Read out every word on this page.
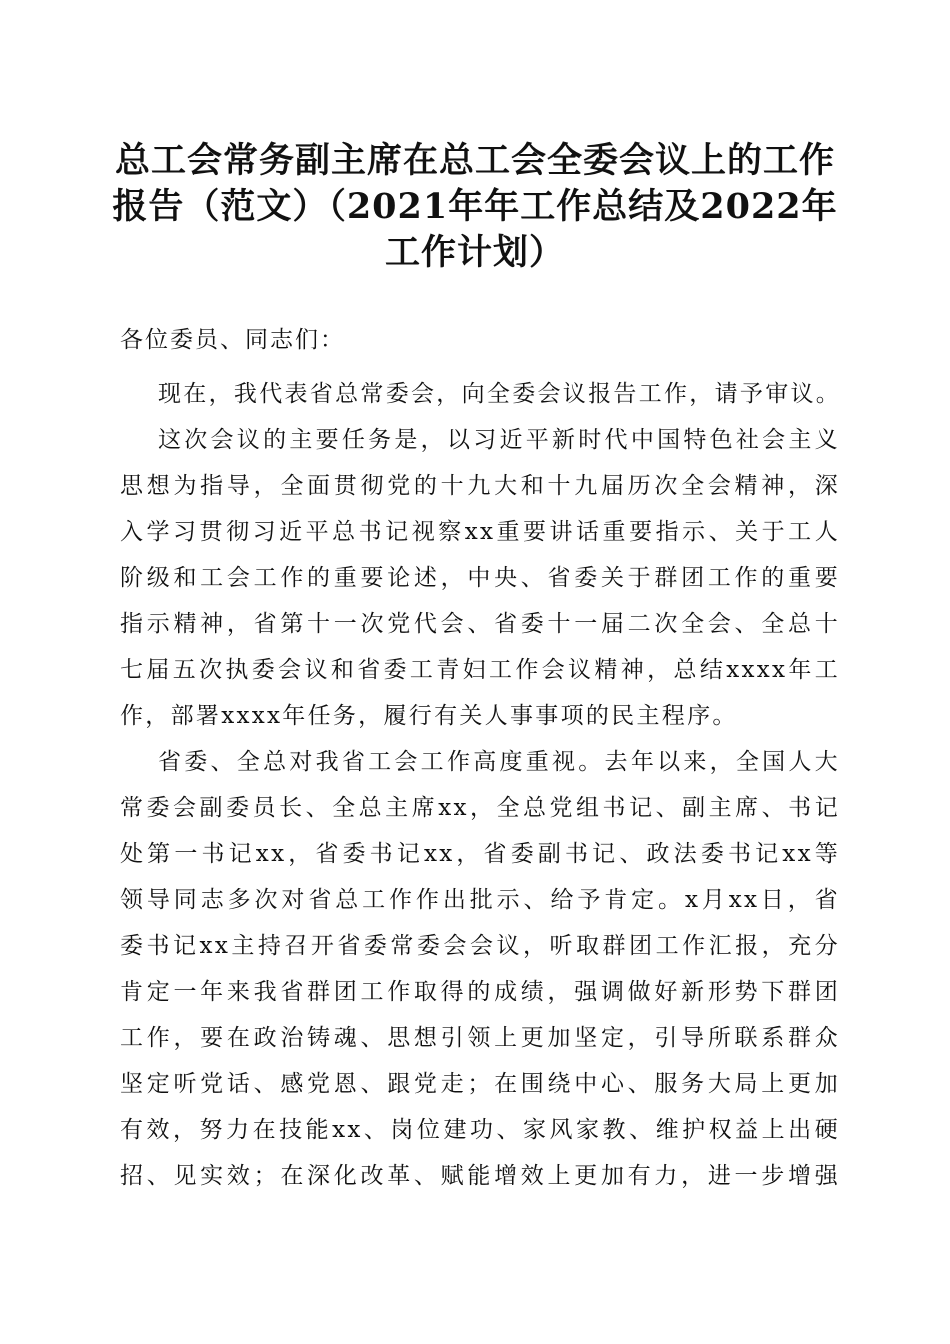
总工会常务副主席在总工会全委会议上的工作
报告（范文）（2021年年工作总结及2022年
工作计划）
各位委员、同志们：
现在，我代表省总常委会，向全委会议报告工作，请予审议。
这次会议的主要任务是，以习近平新时代中国特色社会主义
思想为指导，全面贯彻党的十九大和十九届历次全会精神，深
入学习贯彻习近平总书记视察xx重要讲话重要指示、关于工人
阶级和工会工作的重要论述，中央、省委关于群团工作的重要
指示精神，省第十一次党代会、省委十一届二次全会、全总十
七届五次执委会议和省委工青妇工作会议精神，总结xxxx年工
作，部署xxxx年任务，履行有关人事事项的民主程序。
省委、全总对我省工会工作高度重视。去年以来，全国人大
常委会副委员长、全总主席xx，全总党组书记、副主席、书记
处第一书记xx，省委书记xx，省委副书记、政法委书记xx等
领导同志多次对省总工作作出批示、给予肯定。x月xx日，省
委书记xx主持召开省委常委会会议，听取群团工作汇报，充分
肯定一年来我省群团工作取得的成绩，强调做好新形势下群团
工作，要在政治铸魂、思想引领上更加坚定，引导所联系群众
坚定听党话、感党恩、跟党走；在围绕中心、服务大局上更加
有效，努力在技能xx、岗位建功、家风家教、维护权益上出硬
招、见实效；在深化改革、赋能增效上更加有力，进一步增强
